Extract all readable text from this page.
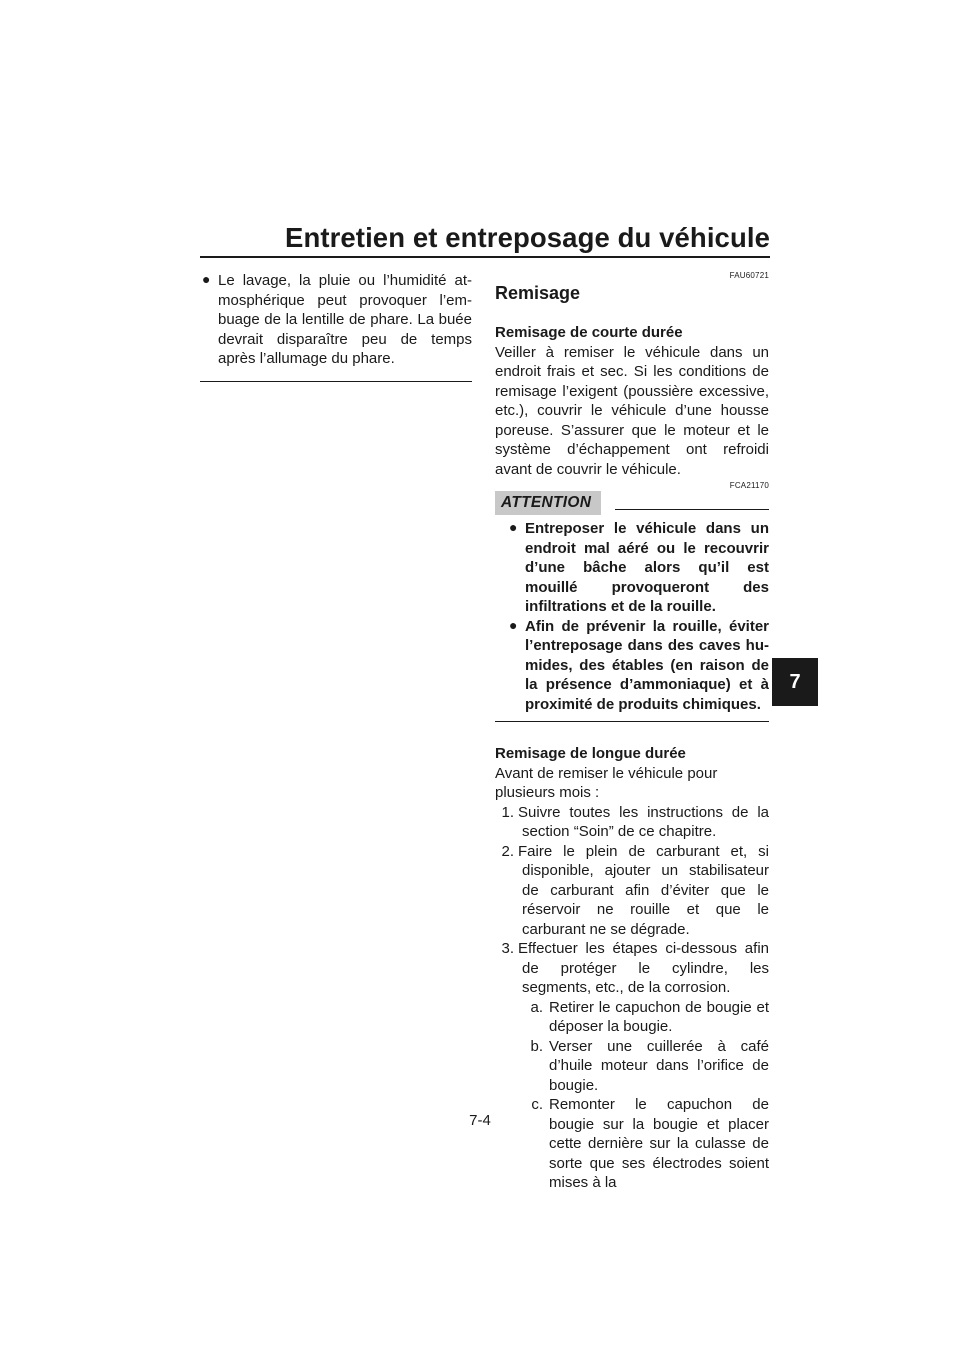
Entretien et entreposage du véhicule
7
● Le lavage, la pluie ou l’humidité atmosphérique peut provoquer l’embuage de la lentille de phare. La buée devrait disparaître peu de temps après l’allumage du phare.

FAU60721
Remisage
Remisage de courte durée

Veiller à remiser le véhicule dans un endroit frais et sec. Si les conditions de remisage l’exigent (poussière excessive, etc.), couvrir le véhicule d’une housse poreuse. S’assurer que le moteur et le système d’échappement ont refroidi avant de couvrir le véhicule.

FCA21170
ATTENTION
● Entreposer le véhicule dans un endroit mal aéré ou le recouvrir d’une bâche alors qu’il est mouillé provoqueront des infiltrations et de la rouille.

● Afin de prévenir la rouille, éviter l’entreposage dans des caves humides, des étables (en raison de la présence d’ammoniaque) et à proximité de produits chimiques.

Remisage de longue durée

Avant de remiser le véhicule pour plusieurs mois :

1. Suivre toutes les instructions de la section “Soin” de ce chapitre.

2. Faire le plein de carburant et, si disponible, ajouter un stabilisateur de carburant afin d’éviter que le réservoir ne rouille et que le carburant ne se dégrade.

3. Effectuer les étapes ci-dessous afin de protéger le cylindre, les segments, etc., de la corrosion.

a. Retirer le capuchon de bougie et déposer la bougie.

b. Verser une cuillerée à café d’huile moteur dans l’orifice de bougie.

c. Remonter le capuchon de bougie sur la bougie et placer cette dernière sur la culasse de sorte que ses électrodes soient mises à la

7-4
